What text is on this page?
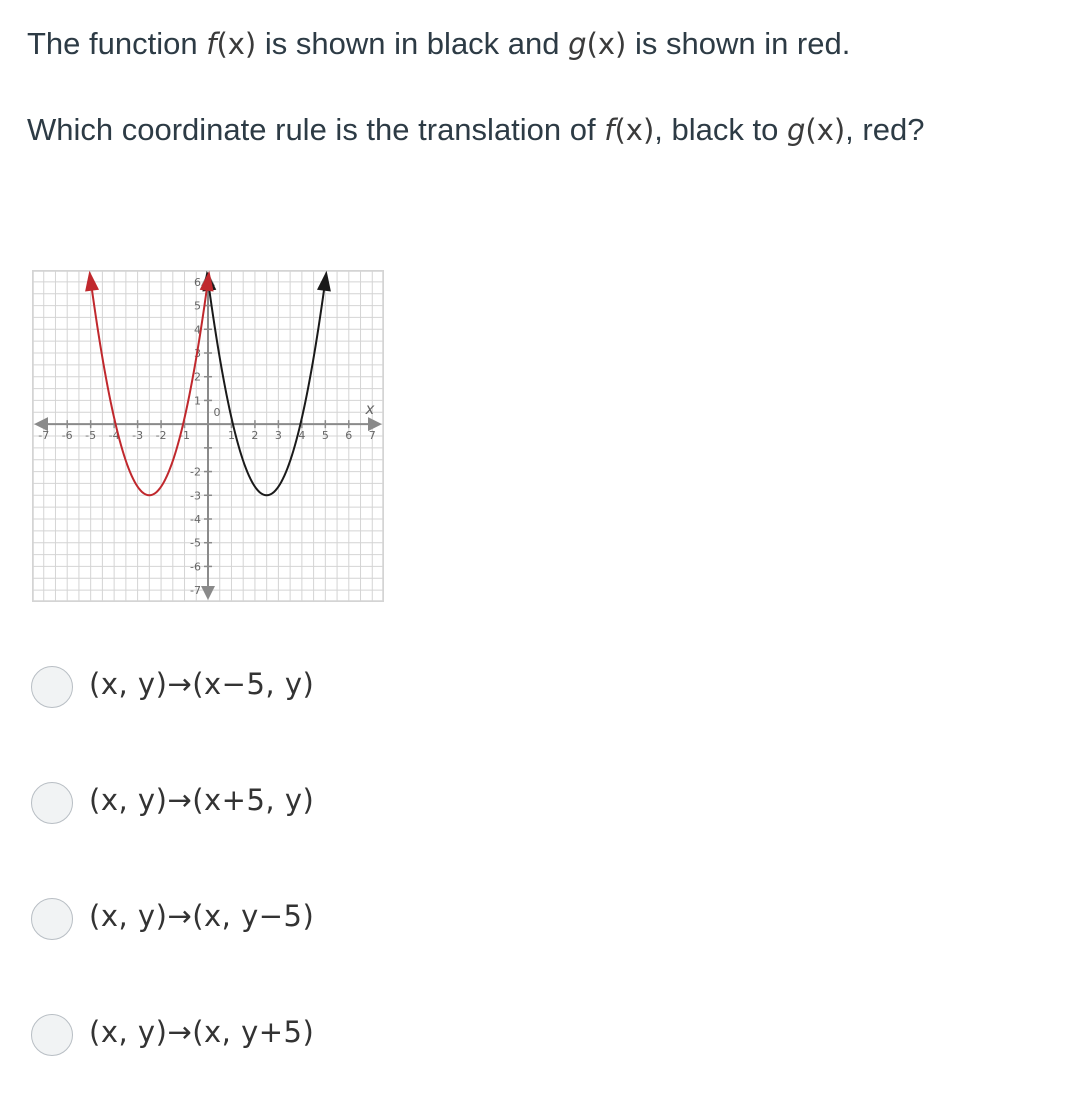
The function f(x) is shown in black and g(x) is shown in red.
Which coordinate rule is the translation of f(x), black to g(x), red?
-7 -6 -5 -4 -3 -2 -1	1 2 3 4 5 6 7
1
2
3
4
5
6
-2
-3
-4
-5
-6
-7
0	x
(x, y)→(x−5, y)
(x, y)→(x+5, y)
(x, y)→(x, y−5)
(x, y)→(x, y+5)
